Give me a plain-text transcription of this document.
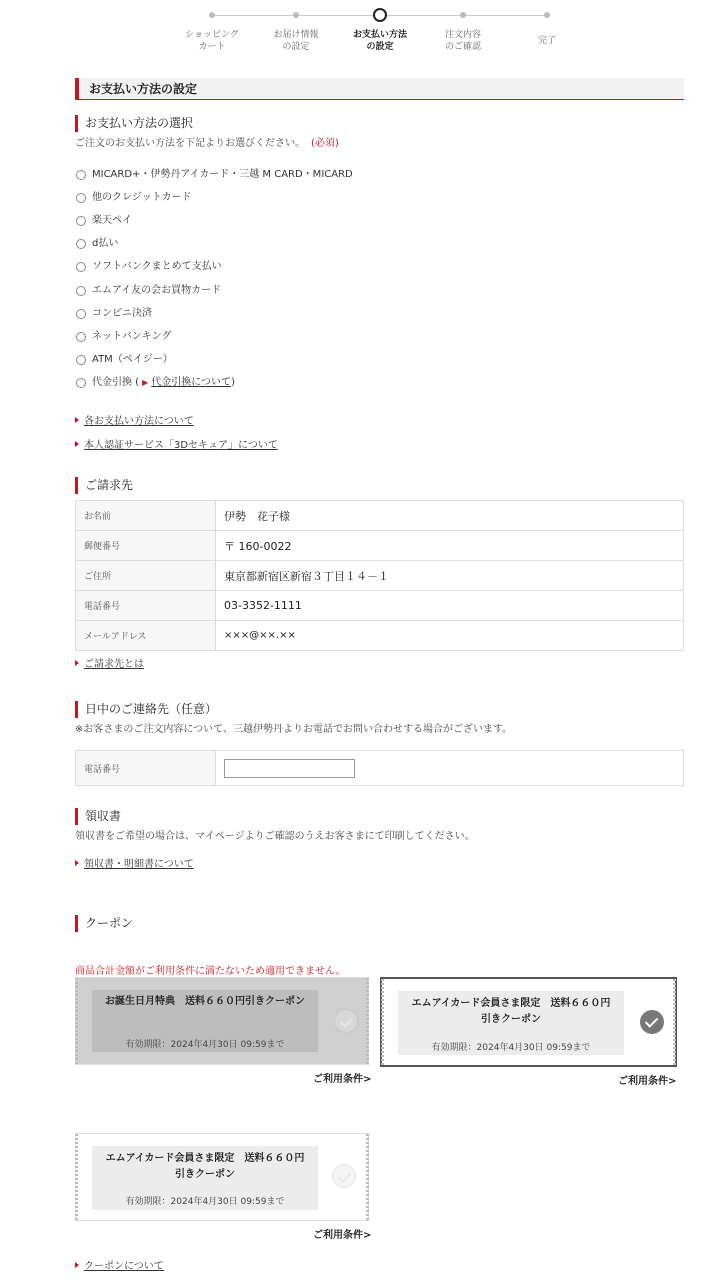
ショッピング
カート
お届け情報
の設定
お支払い方法
の設定
注文内容
のご確認
完了
お支払い方法の設定
お支払い方法の選択
ご注文のお支払い方法を下記よりお選びください。 (必須)
MICARD+・伊勢丹アイカード・三越 M CARD・MICARD
他のクレジットカード
楽天ペイ
d払い
ソフトバンクまとめて支払い
エムアイ友の会お買物カード
コンビニ決済
ネットバンキング
ATM（ペイジー）
代金引換 ( ▶ 代金引換について)
各お支払い方法について
本人認証サービス「3Dセキュア」について
ご請求先
お名前	伊勢　花子様
郵便番号	〒 160-0022
ご住所	東京都新宿区新宿３丁目１４－１
電話番号	03-3352-1111
メールアドレス	×××@××.××
ご請求先とは
日中のご連絡先（任意）
※お客さまのご注文内容について、三越伊勢丹よりお電話でお問い合わせする場合がございます。
電話番号	
領収書
領収書をご希望の場合は、マイページよりご確認のうえお客さまにて印刷してください。
領収書・明細書について
クーポン
商品合計金額がご利用条件に満たないため適用できません。
お誕生日月特典　送料６６０円引きクーポン
有効期限：2024年4月30日 09:59まで
ご利用条件>
エムアイカード会員さま限定　送料６６０円
引きクーポン
有効期限：2024年4月30日 09:59まで
ご利用条件>
エムアイカード会員さま限定　送料６６０円
引きクーポン
有効期限：2024年4月30日 09:59まで
ご利用条件>
クーポンについて
